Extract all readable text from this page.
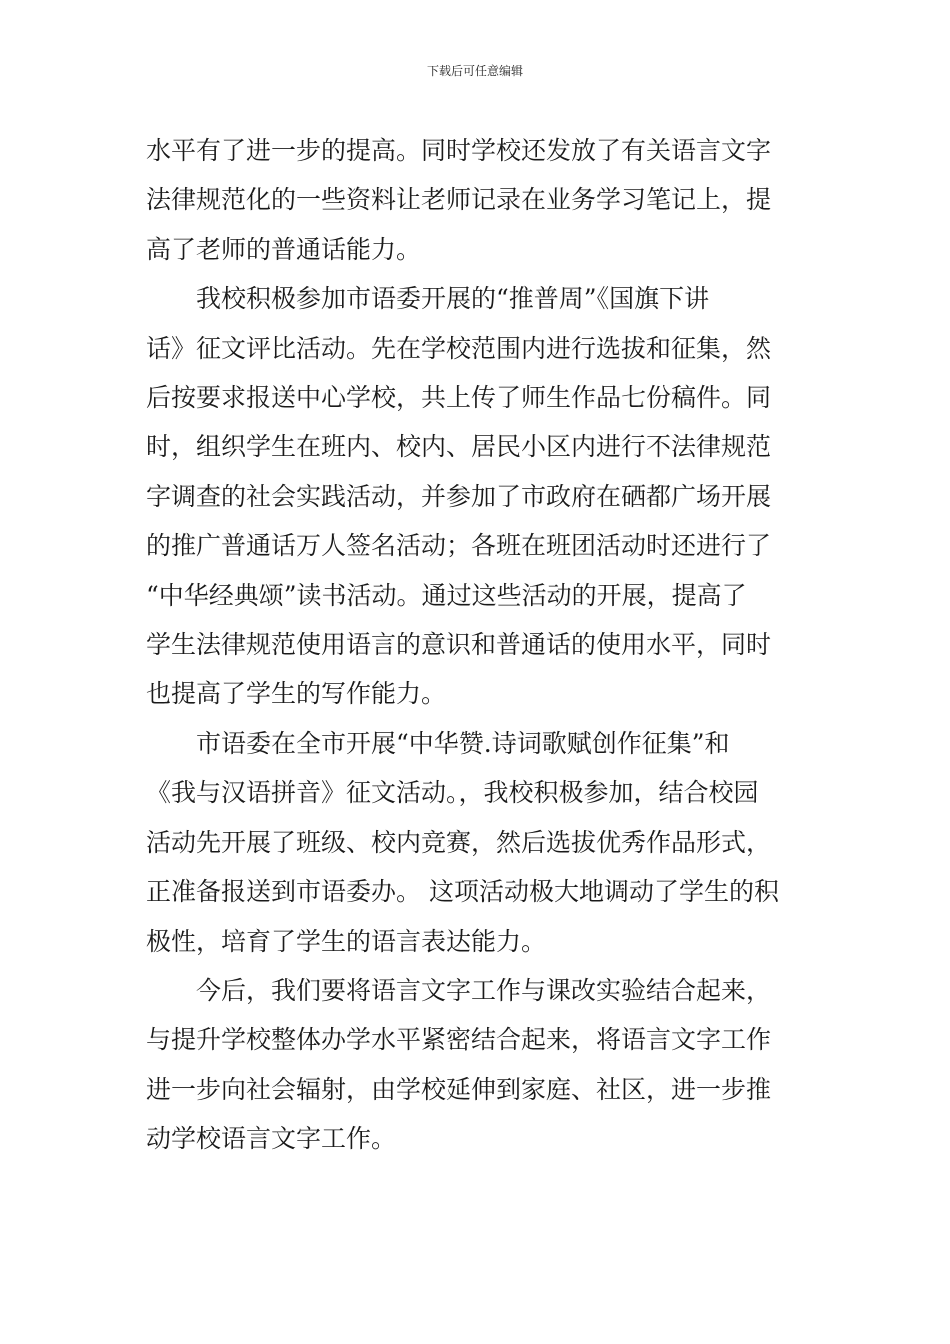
下载后可任意编辑

水平有了进一步的提高。同时学校还发放了有关语言文字
法律规范化的一些资料让老师记录在业务学习笔记上，提
高了老师的普通话能力。

我校积极参加市语委开展的“推普周”《国旗下讲
话》征文评比活动。先在学校范围内进行选拔和征集，然
后按要求报送中心学校，共上传了师生作品七份稿件。同
时，组织学生在班内、校内、居民小区内进行不法律规范
字调查的社会实践活动，并参加了市政府在硒都广场开展
的推广普通话万人签名活动；各班在班团活动时还进行了
“中华经典颂”读书活动。通过这些活动的开展，提高了
学生法律规范使用语言的意识和普通话的使用水平，同时
也提高了学生的写作能力。

市语委在全市开展“中华赞.诗词歌赋创作征集”和
《我与汉语拼音》征文活动。，我校积极参加，结合校园
活动先开展了班级、校内竞赛，然后选拔优秀作品形式，
正准备报送到市语委办。 这项活动极大地调动了学生的积
极性，培育了学生的语言表达能力。

今后，我们要将语言文字工作与课改实验结合起来，
与提升学校整体办学水平紧密结合起来，将语言文字工作
进一步向社会辐射，由学校延伸到家庭、社区，进一步推
动学校语言文字工作。
